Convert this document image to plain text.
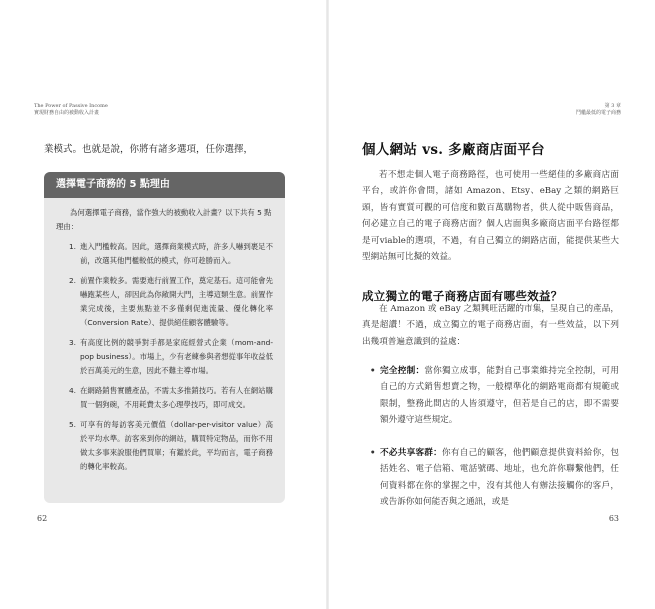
The Power of Passive Income
實現財務自由的被動收入計畫
業模式。也就是說，你將有諸多選項，任你選擇，
選擇電子商務的 5 點理由

為何選擇電子商務，當作強大的被動收入計畫？以下共有 5 點理由：

1. 進入門檻較高。因此，選擇商業模式時，許多人嚇到裹足不前，改選其他門檻較低的模式，你可趁勝而入。
2. 前置作業較多。需要進行前置工作，奠定基石。這可能會先嚇跑某些人，卻因此為你敞開大門，主導這類生意。前置作業完成後，主要焦點並不多僅剩促進流量、優化轉化率（Conversion Rate）、提供絕佳顧客體驗等。
3. 有高度比例的競爭對手都是家庭經營式企業（mom-and-pop business）。市場上，少有老練參與者想從事年收益低於百萬美元的生意，因此不難主導市場。
4. 在網路銷售實體產品，不需太多推銷技巧。若有人在網站購買一個狗碗，不用耗費太多心理學技巧，即可成交。
5. 可享有的每訪客美元價值（dollar-per-visitor value）高於平均水準。訪客來到你的網站，購買特定物品，而你不用做太多事來說服他們買單；有鑑於此，平均而言，電子商務的轉化率較高。
62
第 3 章
鬥艦最低的電子商務
個人網站 vs. 多廠商店面平台

若不想走個人電子商務路徑，也可使用一些絕佳的多廠商店面平台，或許你會問，諸如 Amazon、Etsy、eBay 之類的網路巨頭，皆有實質可觀的可信度和數百萬購物者，供人從中販售商品，何必建立自己的電子商務店面？個人店面與多廠商店面平台路徑都是可viable的選項，不過，有自己獨立的網路店面，能提供某些大型網站無可比擬的效益。

成立獨立的電子商務店面有哪些效益？

在 Amazon 或 eBay 之類興旺活躍的市集，呈現自己的產品，真是超讚！不過，成立獨立的電子商務店面，有一些效益，以下列出幾項普遍意識到的益處：

• 完全控制：當你獨立成事，能對自己事業維持完全控制，可用自己的方式銷售想賣之物，一般標準化的網路電商都有規範或限制，整務此間店的人皆須遵守，但若是自己的店，即不需要額外遵守這些規定。
• 不必共享客群：你有自己的顧客，他們顧意提供資料給你，包括姓名、電子信箱、電話號碼、地址，也允許你聯繫他們，任何資料都在你的掌握之中，沒有其他人有辦法接觸你的客戶，或告訴你如何能否與之通訊，或是
63
